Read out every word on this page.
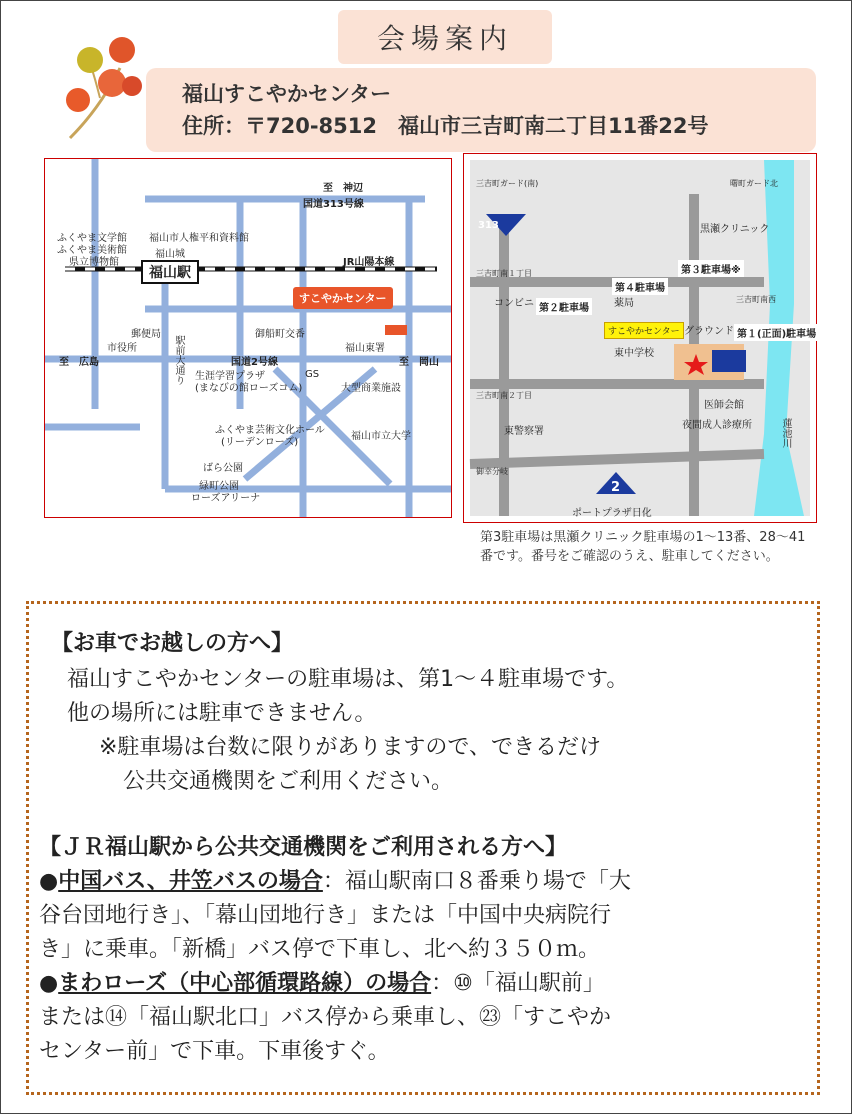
会場案内
福山すこやかセンター
住所：〒720-8512　福山市三吉町南二丁目11番22号
至　神辺
国道313号線
ふくやま文学館
ふくやま美術館
県立博物館
福山市人権平和資料館
福山城
福山駅
JR山陽本線
すこやかセンター
郵便局
市役所	駅前大通り
御船町交番
福山東署
至　広島	国道2号線	至　岡山
生涯学習プラザ
(まなびの館ローズコム)
GS
大型商業施設
ふくやま芸術文化ホール
(リーデンローズ)
福山市立大学
ばら公園
緑町公園
ローズアリーナ
313
2
三吉町ガード(南)
三吉町南１丁目
三吉町南２丁目
曙町ガード北
三吉町南西
御幸分岐
黒瀬クリニック
第３駐車場※
第４駐車場
第２駐車場
第１(正面)駐車場
すこやかセンター グラウンド
コンビニ	薬局
東中学校
医師会館
夜間成人診療所
東警察署
ポートプラザ日化
蓮池川
第3駐車場は黒瀬クリニック駐車場の1〜13番、28〜41番です。番号をご確認のうえ、駐車してください。
【お車でお越しの方へ】
福山すこやかセンターの駐車場は、第1〜４駐車場です。
他の場所には駐車できません。
※駐車場は台数に限りがありますので、できるだけ
公共交通機関をご利用ください。
【ＪＲ福山駅から公共交通機関をご利用される方へ】
●中国バス、井笠バスの場合：福山駅南口８番乗り場で「大
谷台団地行き」、「幕山団地行き」または「中国中央病院行
き」に乗車。「新橋」バス停で下車し、北へ約３５０ｍ。
●まわローズ（中心部循環路線）の場合：⑩「福山駅前」
または⑭「福山駅北口」バス停から乗車し、㉓「すこやか
センター前」で下車。下車後すぐ。
